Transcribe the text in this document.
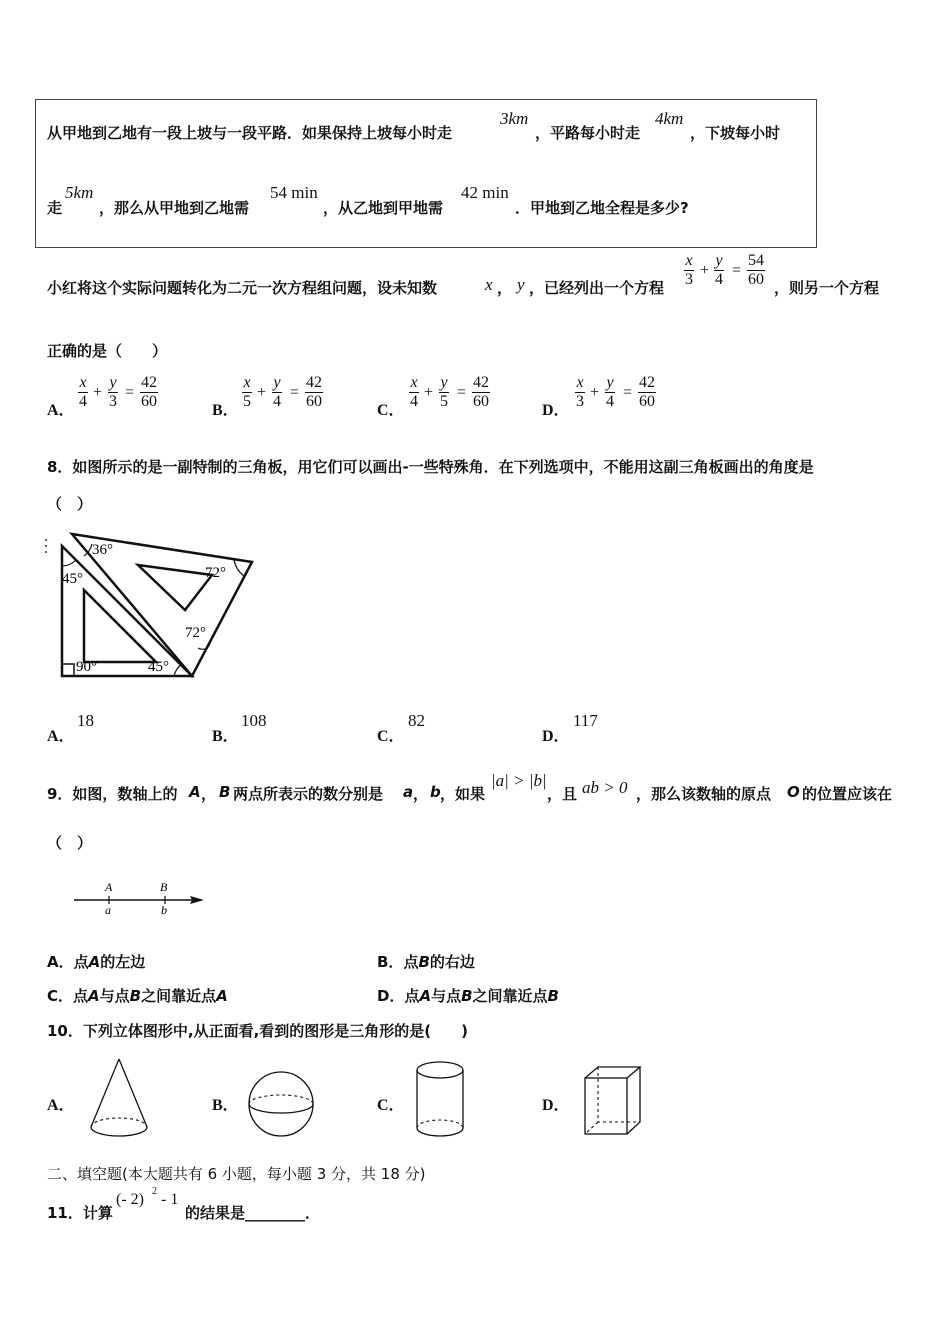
从甲地到乙地有一段上坡与一段平路．如果保持上坡每小时走
3km
，平路每小时走
4km
，下坡每小时
走
5km
，那么从甲地到乙地需
54 min
，从乙地到甲地需
42 min
．甲地到乙地全程是多少?
小红将这个实际问题转化为二元一次方程组问题，设未知数	x ， y ，已经列出一个方程 $\frac{x}{3} + \frac{y}{4} = \frac{54}{60}$ ，则另一个方程
正确的是（　　）
A． $\frac{x}{4} + \frac{y}{3} = \frac{42}{60}$	B． $\frac{x}{5} + \frac{y}{4} = \frac{42}{60}$	C． $\frac{x}{4} + \frac{y}{5} = \frac{42}{60}$	D． $\frac{x}{3} + \frac{y}{4} = \frac{42}{60}$
8．如图所示的是一副特制的三角板，用它们可以画出-一些特殊角．在下列选项中，不能用这副三角板画出的角度是
（　）
36°
72°
45°
72°
90°	45°
A．
18
B．
108
C．
82
D．
117
9．如图，数轴上的 A ， B 两点所表示的数分别是 a ， b ，如果
|a| > |b|
，且 ab > 0 ，那么该数轴的原点 O 的位置应该在
（　）
A	B
a	b
A．点A的左边	B．点B的右边
C．点A与点B之间靠近点A	D．点A与点B之间靠近点B
10．下列立体图形中,从正面看,看到的图形是三角形的是(　　)
A．	B．	C．	D．
二、填空题(本大题共有 6 小题，每小题 3 分，共 18 分)
11．计算
(- 2) 2 - 1
的结果是________．
